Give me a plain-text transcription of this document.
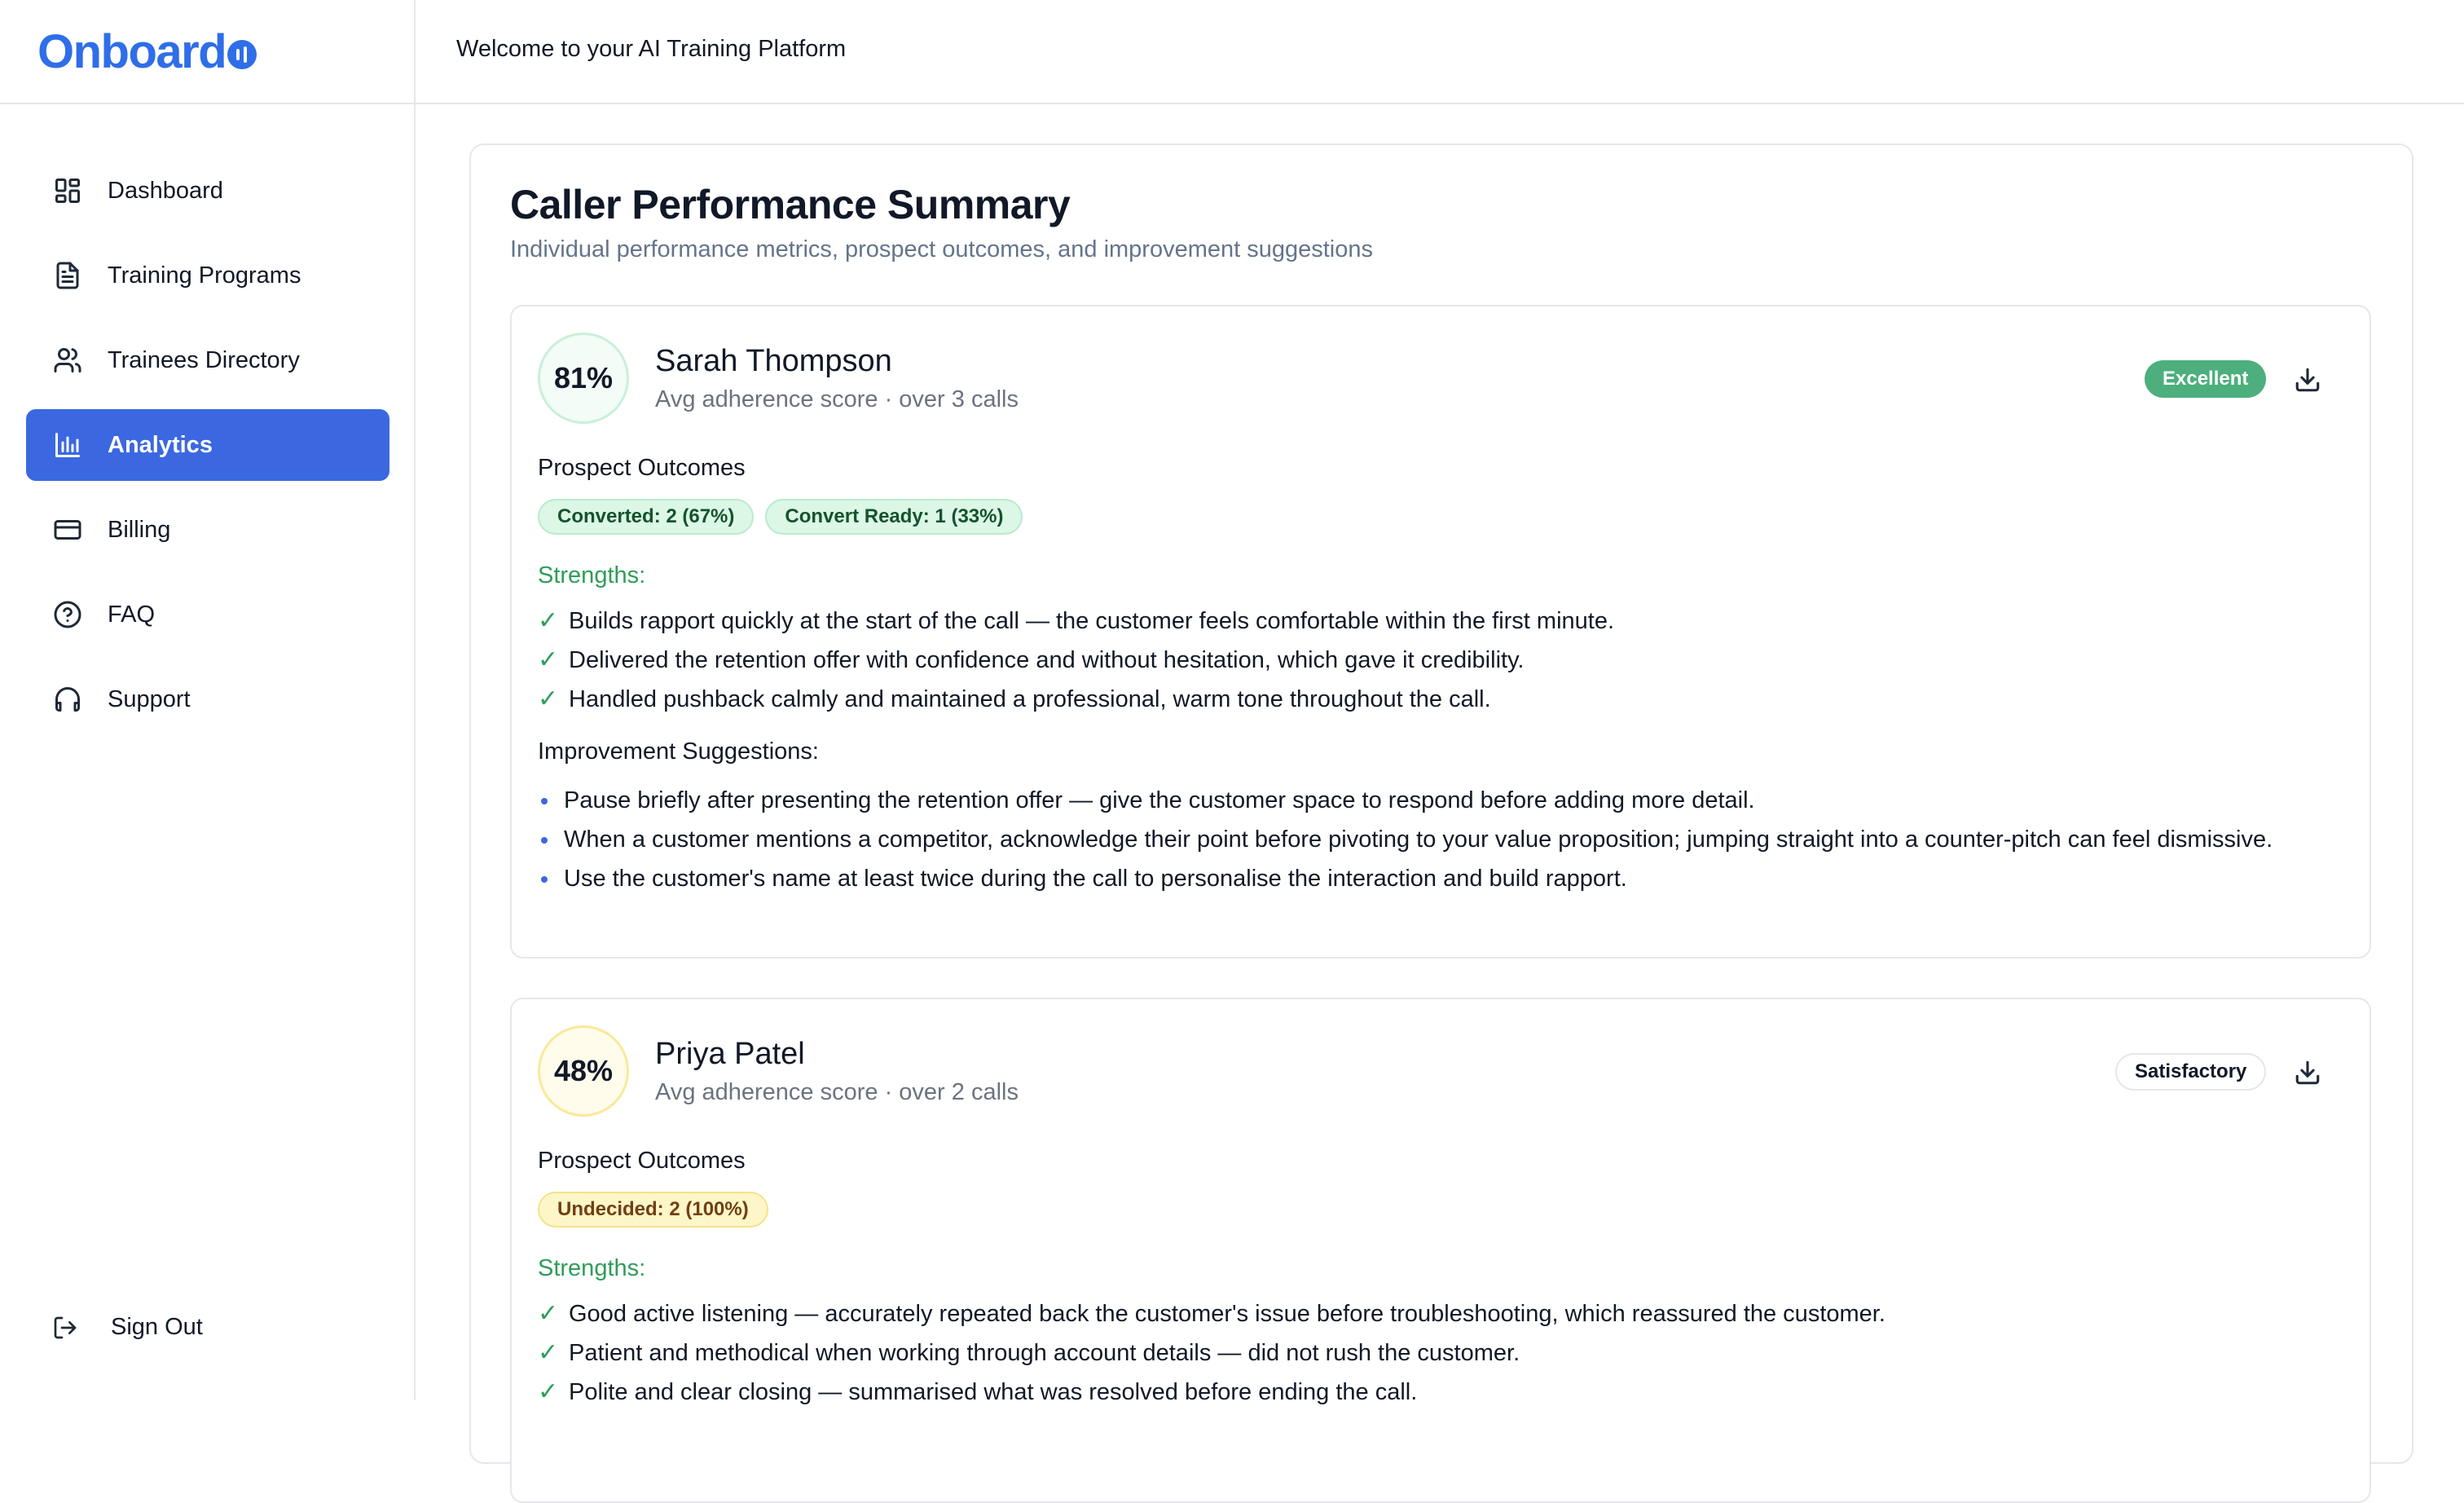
Onboard
Dashboard
Training Programs
Trainees Directory
Analytics
Billing
FAQ
Support
Sign Out
Welcome to your AI Training Platform
Caller Performance Summary
Individual performance metrics, prospect outcomes, and improvement suggestions
81%	Sarah Thompson
Avg adherence score · over 3 calls
Excellent
Prospect Outcomes
Converted: 2 (67%)	Convert Ready: 1 (33%)
Strengths:
✓ Builds rapport quickly at the start of the call — the customer feels comfortable within the first minute.
✓ Delivered the retention offer with confidence and without hesitation, which gave it credibility.
✓ Handled pushback calmly and maintained a professional, warm tone throughout the call.
Improvement Suggestions:
Pause briefly after presenting the retention offer — give the customer space to respond before adding more detail.
When a customer mentions a competitor, acknowledge their point before pivoting to your value proposition; jumping straight into a counter-pitch can feel dismissive.
Use the customer's name at least twice during the call to personalise the interaction and build rapport.
48%	Priya Patel
Avg adherence score · over 2 calls
Satisfactory
Prospect Outcomes
Undecided: 2 (100%)
Strengths:
✓ Good active listening — accurately repeated back the customer's issue before troubleshooting, which reassured the customer.
✓ Patient and methodical when working through account details — did not rush the customer.
✓ Polite and clear closing — summarised what was resolved before ending the call.
